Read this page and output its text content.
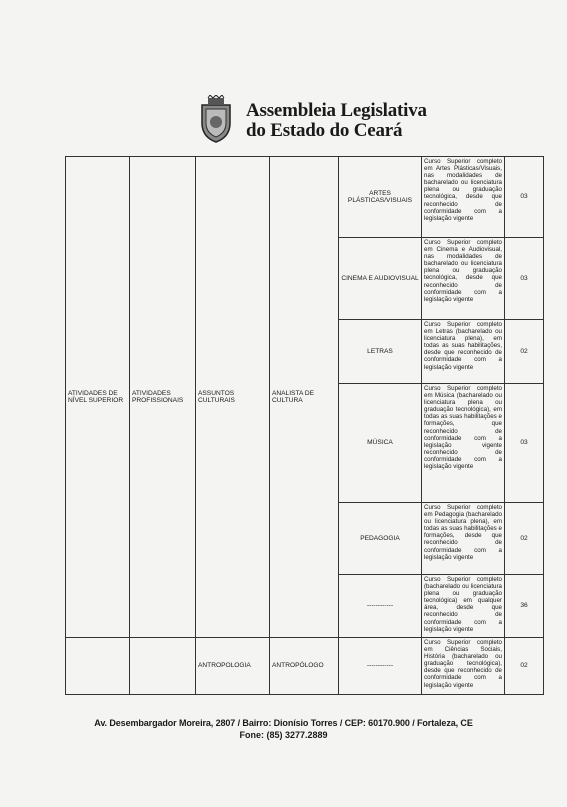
Assembleia Legislativa
do Estado do Ceará
ATIVIDADES DE NÍVEL SUPERIOR	ATIVIDADES PROFISSIONAIS	ASSUNTOS CULTURAIS	ANALISTA DE CULTURA	ARTES PLÁSTICAS/VISUAIS	Curso Superior completo em Artes Plásticas/Visuais, nas modalidades de bacharelado ou licenciatura plena ou graduação tecnológica, desde que reconhecido de conformidade com a legislação vigente	03
				CINEMA E AUDIOVISUAL	Curso Superior completo em Cinema e Audiovisual, nas modalidades de bacharelado ou licenciatura plena ou graduação tecnológica, desde que reconhecido de conformidade com a legislação vigente	03
				LETRAS	Curso Superior completo em Letras (bacharelado ou licenciatura plena), em todas as suas habilitações, desde que reconhecido de conformidade com a legislação vigente	02
				MÚSICA	Curso Superior completo em Música (bacharelado ou licenciatura plena ou graduação tecnológica), em todas as suas habilitações e formações, que reconhecido de conformidade com a legislação vigente reconhecido de conformidade com a legislação vigente	03
				PEDAGOGIA	Curso Superior completo em Pedagogia (bacharelado ou licenciatura plena), em todas as suas habilitações e formações, desde que reconhecido de conformidade com a legislação vigente	02
				------------	Curso Superior completo (bacharelado ou licenciatura plena ou graduação tecnológica) em qualquer área, desde que reconhecido de conformidade com a legislação vigente	36
		ANTROPOLOGIA	ANTROPÓLOGO	------------	Curso Superior completo em Ciências Sociais, História (bacharelado ou graduação tecnológica), desde que reconhecido de conformidade com a legislação vigente	02
Av. Desembargador Moreira, 2807 / Bairro: Dionísio Torres / CEP: 60170.900 / Fortaleza, CE
Fone: (85) 3277.2889
